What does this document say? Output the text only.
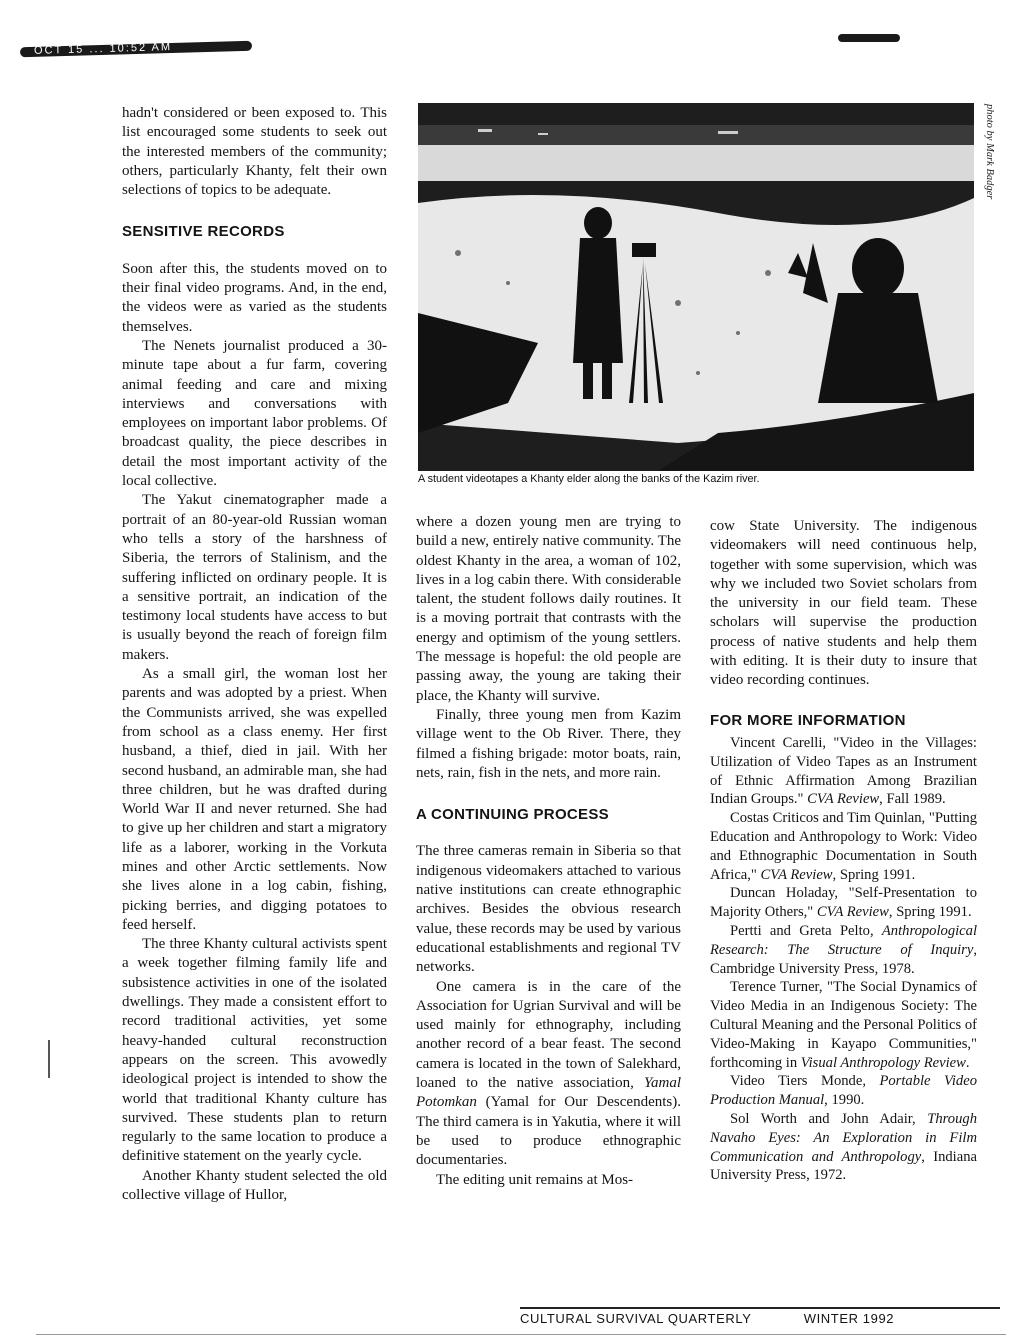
OCT 15 ... 10:52 AM

hadn't considered or been exposed to. This list encouraged some students to seek out the interested members of the community; others, particularly Khanty, felt their own selections of topics to be adequate.

SENSITIVE RECORDS

Soon after this, the students moved on to their final video programs. And, in the end, the videos were as varied as the students themselves.

The Nenets journalist produced a 30-minute tape about a fur farm, covering animal feeding and care and mixing interviews and conversations with employees on important labor problems. Of broadcast quality, the piece describes in detail the most important activity of the local collective.

The Yakut cinematographer made a portrait of an 80-year-old Russian woman who tells a story of the harshness of Siberia, the terrors of Stalinism, and the suffering inflicted on ordinary people. It is a sensitive portrait, an indication of the testimony local students have access to but is usually beyond the reach of foreign film makers.

As a small girl, the woman lost her parents and was adopted by a priest. When the Communists arrived, she was expelled from school as a class enemy. Her first husband, a thief, died in jail. With her second husband, an admirable man, she had three children, but he was drafted during World War II and never returned. She had to give up her children and start a migratory life as a laborer, working in the Vorkuta mines and other Arctic settlements. Now she lives alone in a log cabin, fishing, picking berries, and digging potatoes to feed herself.

The three Khanty cultural activists spent a week together filming family life and subsistence activities in one of the isolated dwellings. They made a consistent effort to record traditional activities, yet some heavy-handed cultural reconstruction appears on the screen. This avowedly ideological project is intended to show the world that traditional Khanty culture has survived. These students plan to return regularly to the same location to produce a definitive statement on the yearly cycle.

Another Khanty student selected the old collective village of Hullor,

photo by Mark Badger
A student videotapes a Khanty elder along the banks of the Kazim river.

where a dozen young men are trying to build a new, entirely native community. The oldest Khanty in the area, a woman of 102, lives in a log cabin there. With considerable talent, the student follows daily routines. It is a moving portrait that contrasts with the energy and optimism of the young settlers. The message is hopeful: the old people are passing away, the young are taking their place, the Khanty will survive.

Finally, three young men from Kazim village went to the Ob River. There, they filmed a fishing brigade: motor boats, rain, nets, rain, fish in the nets, and more rain.

A CONTINUING PROCESS

The three cameras remain in Siberia so that indigenous videomakers attached to various native institutions can create ethnographic archives. Besides the obvious research value, these records may be used by various educational establishments and regional TV networks.

One camera is in the care of the Association for Ugrian Survival and will be used mainly for ethnography, including another record of a bear feast. The second camera is located in the town of Salekhard, loaned to the native association, Yamal Potomkan (Yamal for Our Descendents). The third camera is in Yakutia, where it will be used to produce ethnographic documentaries.

The editing unit remains at Mos-

cow State University. The indigenous videomakers will need continuous help, together with some supervision, which was why we included two Soviet scholars from the university in our field team. These scholars will supervise the production process of native students and help them with editing. It is their duty to insure that video recording continues.

FOR MORE INFORMATION

Vincent Carelli, "Video in the Villages: Utilization of Video Tapes as an Instrument of Ethnic Affirmation Among Brazilian Indian Groups." CVA Review, Fall 1989.

Costas Criticos and Tim Quinlan, "Putting Education and Anthropology to Work: Video and Ethnographic Documentation in South Africa," CVA Review, Spring 1991.

Duncan Holaday, "Self-Presentation to Majority Others," CVA Review, Spring 1991.

Pertti and Greta Pelto, Anthropological Research: The Structure of Inquiry, Cambridge University Press, 1978.

Terence Turner, "The Social Dynamics of Video Media in an Indigenous Society: The Cultural Meaning and the Personal Politics of Video-Making in Kayapo Communities," forthcoming in Visual Anthropology Review.

Video Tiers Monde, Portable Video Production Manual, 1990.

Sol Worth and John Adair, Through Navaho Eyes: An Exploration in Film Communication and Anthropology, Indiana University Press, 1972.

CULTURAL SURVIVAL QUARTERLY	WINTER 1992
